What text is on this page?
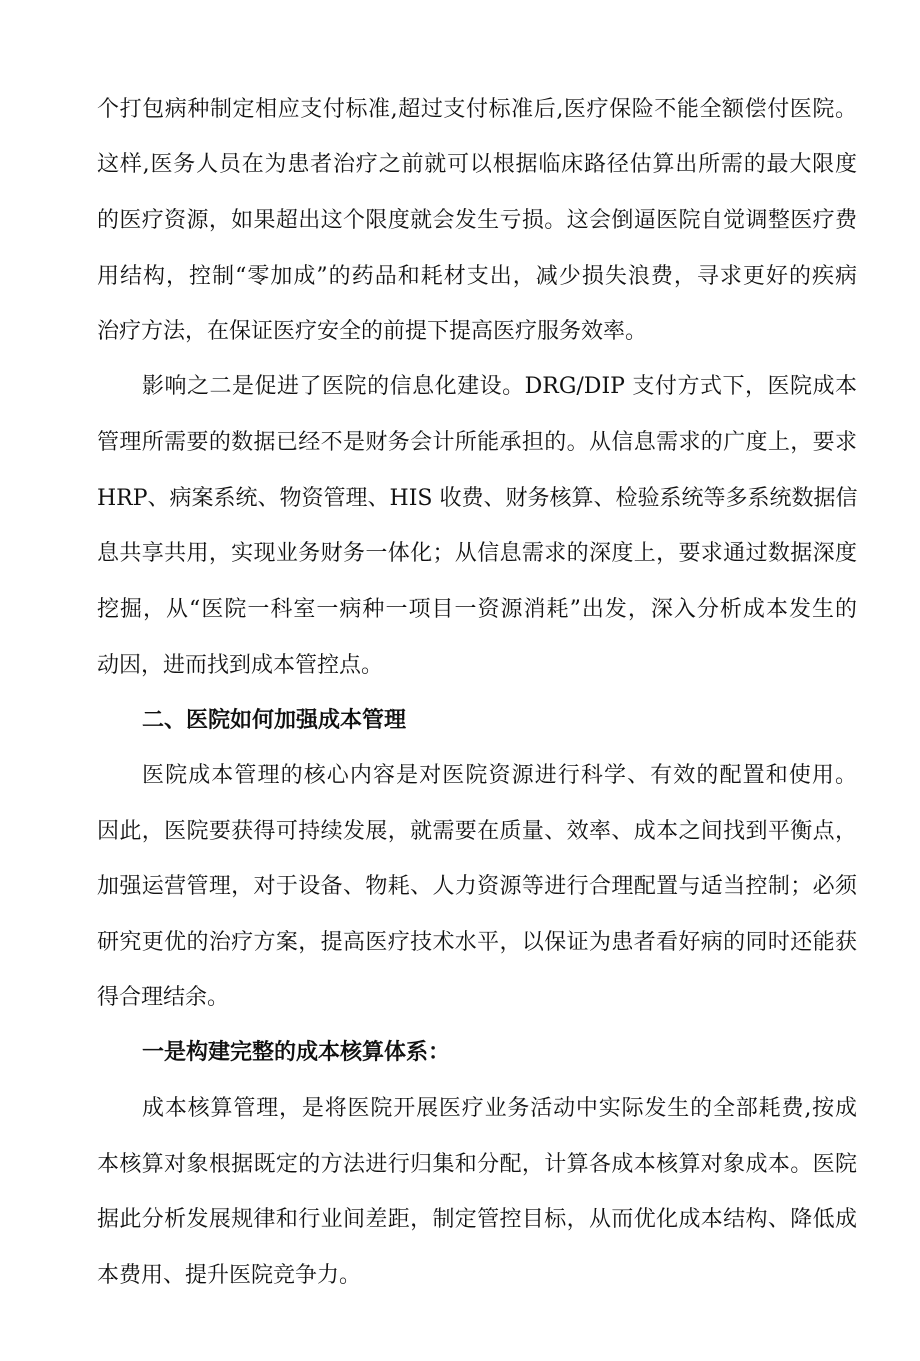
个打包病种制定相应支付标准,超过支付标准后,医疗保险不能全额偿付医院。
这样,医务人员在为患者治疗之前就可以根据临床路径估算出所需的最大限度
的医疗资源，如果超出这个限度就会发生亏损。这会倒逼医院自觉调整医疗费
用结构，控制“零加成”的药品和耗材支出，减少损失浪费，寻求更好的疾病
治疗方法，在保证医疗安全的前提下提高医疗服务效率。
影响之二是促进了医院的信息化建设。DRG/DIP 支付方式下，医院成本
管理所需要的数据已经不是财务会计所能承担的。从信息需求的广度上，要求
HRP、病案系统、物资管理、HIS 收费、财务核算、检验系统等多系统数据信
息共享共用，实现业务财务一体化；从信息需求的深度上，要求通过数据深度
挖掘，从“医院一科室一病种一项目一资源消耗”出发，深入分析成本发生的
动因，进而找到成本管控点。
二、医院如何加强成本管理
医院成本管理的核心内容是对医院资源进行科学、有效的配置和使用。
因此，医院要获得可持续发展，就需要在质量、效率、成本之间找到平衡点，
加强运营管理，对于设备、物耗、人力资源等进行合理配置与适当控制；必须
研究更优的治疗方案，提高医疗技术水平，以保证为患者看好病的同时还能获
得合理结余。
一是构建完整的成本核算体系：
成本核算管理，是将医院开展医疗业务活动中实际发生的全部耗费,按成
本核算对象根据既定的方法进行归集和分配，计算各成本核算对象成本。医院
据此分析发展规律和行业间差距，制定管控目标，从而优化成本结构、降低成
本费用、提升医院竞争力。
